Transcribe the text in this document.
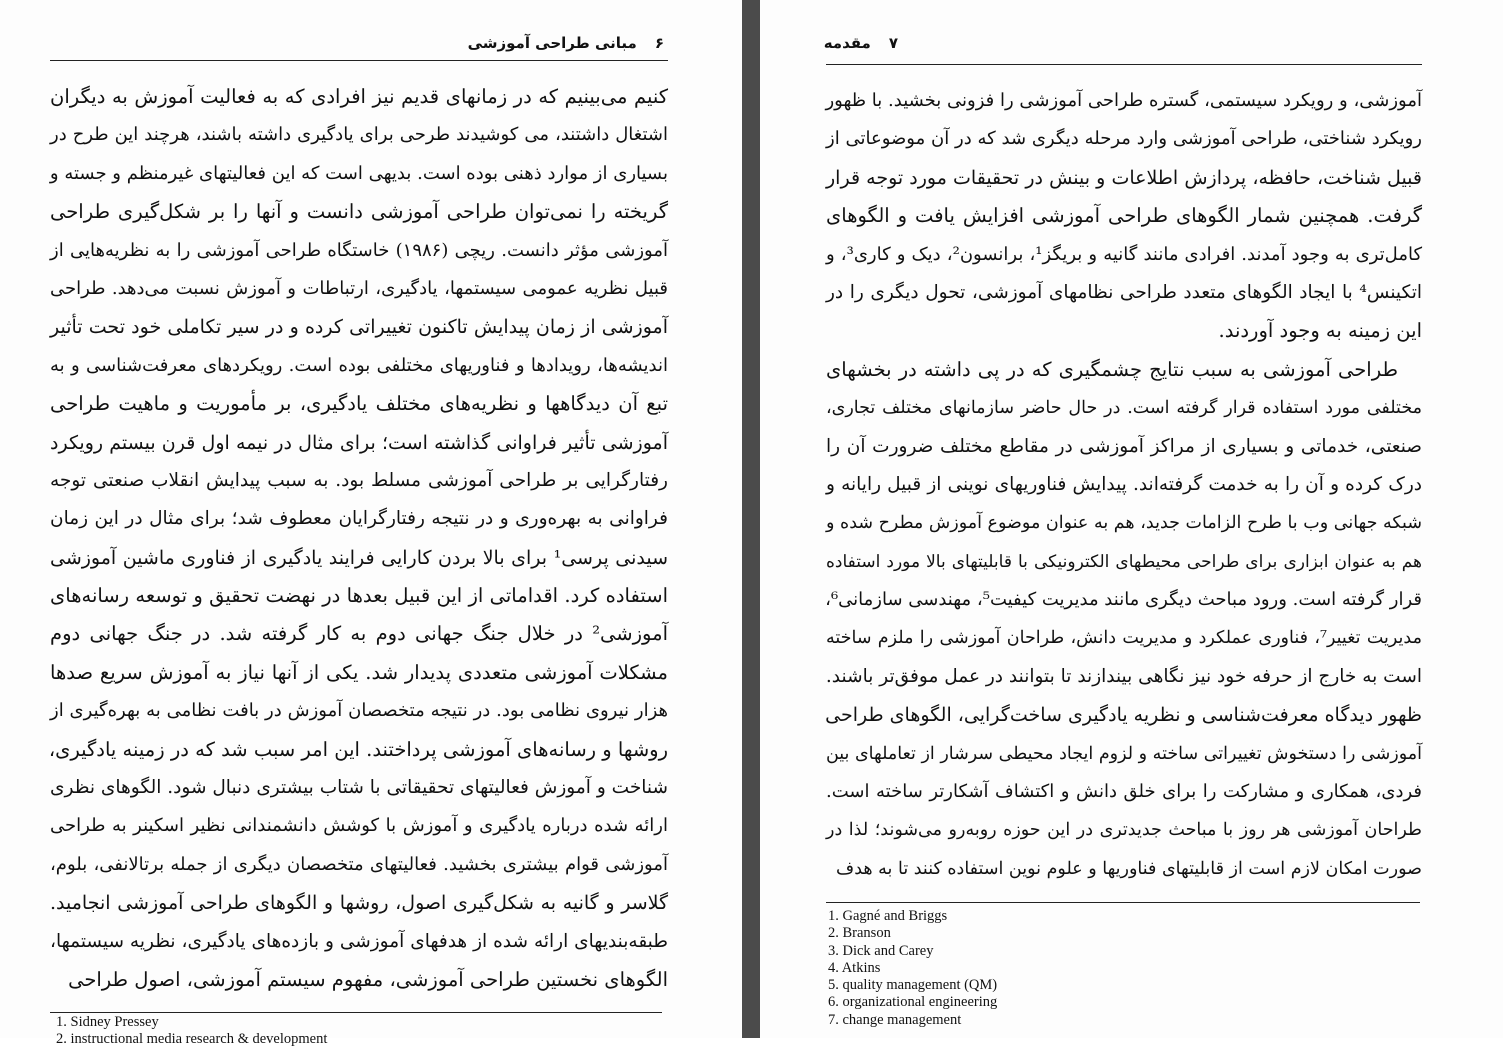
۶مبانی طراحی آموزشی
کنیم می‌بینیم که در زمانهای قدیم نیز افرادی که به فعالیت آموزش به دیگران
اشتغال داشتند، می کوشیدند طرحی برای یادگیری داشته باشند، هرچند این طرح در
بسیاری از موارد ذهنی بوده است. بدیهی است که این فعالیتهای غیرمنظم و جسته و
گریخته را نمی‌توان طراحی آموزشی دانست و آنها را بر شکل‌گیری طراحی
آموزشی مؤثر دانست. ریچی (۱۹۸۶) خاستگاه طراحی آموزشی را به نظریه‌هایی از
قبیل نظریه عمومی سیستمها، یادگیری، ارتباطات و آموزش نسبت می‌دهد. طراحی
آموزشی از زمان پیدایش تاکنون تغییراتی کرده و در سیر تکاملی خود تحت تأثیر
اندیشه‌ها، رویدادها و فناوریهای مختلفی بوده است. رویکردهای معرفت‌شناسی و به
تبع آن دیدگاهها و نظریه‌های مختلف یادگیری، بر مأموریت و ماهیت طراحی
آموزشی تأثیر فراوانی گذاشته است؛ برای مثال در نیمه اول قرن بیستم رویکرد
رفتارگرایی بر طراحی آموزشی مسلط بود. به سبب پیدایش انقلاب صنعتی توجه
فراوانی به بهره‌وری و در نتیجه رفتارگرایان معطوف شد؛ برای مثال در این زمان
سیدنی پرسی¹ برای بالا بردن کارایی فرایند یادگیری از فناوری ماشین آموزشی
استفاده کرد. اقداماتی از این قبیل بعدها در نهضت تحقیق و توسعه رسانه‌های
آموزشی² در خلال جنگ جهانی دوم به کار گرفته شد. در جنگ جهانی دوم
مشکلات آموزشی متعددی پدیدار شد. یکی از آنها نیاز به آموزش سریع صدها
هزار نیروی نظامی بود. در نتیجه متخصصان آموزش در بافت نظامی به بهره‌گیری از
روشها و رسانه‌های آموزشی پرداختند. این امر سبب شد که در زمینه یادگیری،
شناخت و آموزش فعالیتهای تحقیقاتی با شتاب بیشتری دنبال شود. الگوهای نظری
ارائه شده درباره یادگیری و آموزش با کوشش دانشمندانی نظیر اسکینر به طراحی
آموزشی قوام بیشتری بخشید. فعالیتهای متخصصان دیگری از جمله برتالانفی، بلوم،
گلاسر و گانیه به شکل‌گیری اصول، روشها و الگوهای طراحی آموزشی انجامید.
طبقه‌بندیهای ارائه شده از هدفهای آموزشی و بازده‌های یادگیری، نظریه سیستمها،
الگوهای نخستین طراحی آموزشی، مفهوم سیستم آموزشی، اصول طراحی
1. Sidney Pressey
2. instructional media research & development
۷مقدمه
آموزشی، و رویکرد سیستمی، گستره طراحی آموزشی را فزونی بخشید. با ظهور
رویکرد شناختی، طراحی آموزشی وارد مرحله دیگری شد که در آن موضوعاتی از
قبیل شناخت، حافظه، پردازش اطلاعات و بینش در تحقیقات مورد توجه قرار
گرفت. همچنین شمار الگوهای طراحی آموزشی افزایش یافت و الگوهای
کامل‌تری به وجود آمدند. افرادی مانند گانیه و بریگز¹، برانسون²، دیک و کاری³، و
اتکینس⁴ با ایجاد الگوهای متعدد طراحی نظامهای آموزشی، تحول دیگری را در
این زمینه به وجود آوردند.
طراحی آموزشی به سبب نتایج چشمگیری که در پی داشته در بخشهای
مختلفی مورد استفاده قرار گرفته است. در حال حاضر سازمانهای مختلف تجاری،
صنعتی، خدماتی و بسیاری از مراکز آموزشی در مقاطع مختلف ضرورت آن را
درک کرده و آن را به خدمت گرفته‌اند. پیدایش فناوریهای نوینی از قبیل رایانه و
شبکه جهانی وب با طرح الزامات جدید، هم به عنوان موضوع آموزش مطرح شده و
هم به عنوان ابزاری برای طراحی محیطهای الکترونیکی با قابلیتهای بالا مورد استفاده
قرار گرفته است. ورود مباحث دیگری مانند مدیریت کیفیت⁵، مهندسی سازمانی⁶،
مدیریت تغییر⁷، فناوری عملکرد و مدیریت دانش، طراحان آموزشی را ملزم ساخته
است به خارج از حرفه خود نیز نگاهی بیندازند تا بتوانند در عمل موفق‌تر باشند.
ظهور دیدگاه معرفت‌شناسی و نظریه یادگیری ساخت‌گرایی، الگوهای طراحی
آموزشی را دستخوش تغییراتی ساخته و لزوم ایجاد محیطی سرشار از تعاملهای بین
فردی، همکاری و مشارکت را برای خلق دانش و اکتشاف آشکارتر ساخته است.
طراحان آموزشی هر روز با مباحث جدیدتری در این حوزه روبه‌رو می‌شوند؛ لذا در
صورت امکان لازم است از قابلیتهای فناوریها و علوم نوین استفاده کنند تا به هدف
1. Gagné and Briggs
2. Branson
3. Dick and Carey
4. Atkins
5. quality management (QM)
6. organizational engineering
7. change management
